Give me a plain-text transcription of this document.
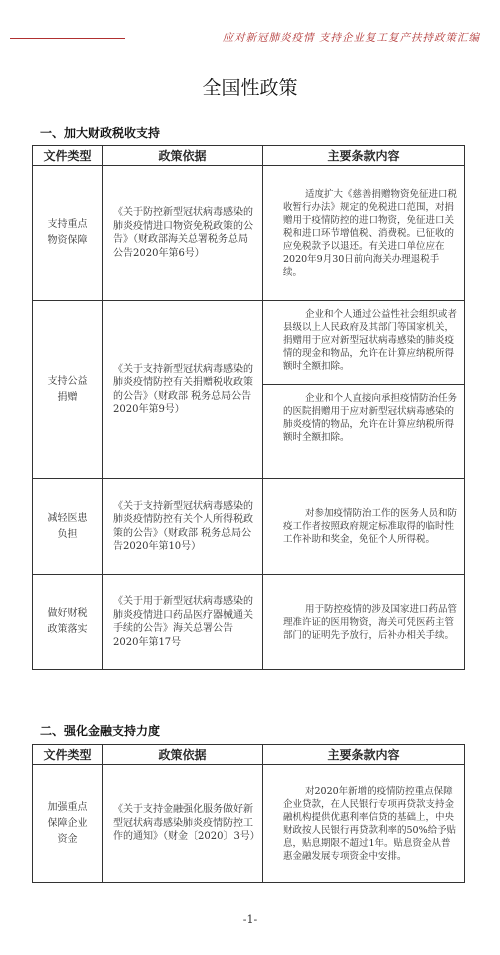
应对新冠肺炎疫情 支持企业复工复产扶持政策汇编
全国性政策
一、加大财政税收支持
文件类型	政策依据	主要条款内容
支持重点物资保障	《关于防控新型冠状病毒感染的肺炎疫情进口物资免税政策的公告》（财政部海关总署税务总局公告2020年第6号）	适度扩大《慈善捐赠物资免征进口税收暂行办法》规定的免税进口范围，对捐赠用于疫情防控的进口物资，免征进口关税和进口环节增值税、消费税。已征收的应免税款予以退还。有关进口单位应在2020年9月30日前向海关办理退税手续。
支持公益捐赠	《关于支持新型冠状病毒感染的肺炎疫情防控有关捐赠税收政策的公告》（财政部 税务总局公告2020年第9号）	企业和个人通过公益性社会组织或者县级以上人民政府及其部门等国家机关，捐赠用于应对新型冠状病毒感染的肺炎疫情的现金和物品，允许在计算应纳税所得额时全额扣除。
企业和个人直接向承担疫情防治任务的医院捐赠用于应对新型冠状病毒感染的肺炎疫情的物品，允许在计算应纳税所得额时全额扣除。

减轻医患负担	《关于支持新型冠状病毒感染的肺炎疫情防控有关个人所得税政策的公告》（财政部 税务总局公告2020年第10号）	对参加疫情防治工作的医务人员和防疫工作者按照政府规定标准取得的临时性工作补助和奖金，免征个人所得税。
做好财税政策落实	《关于用于新型冠状病毒感染的肺炎疫情进口药品医疗器械通关手续的公告》海关总署公告2020年第17号	用于防控疫情的涉及国家进口药品管理准许证的医用物资，海关可凭医药主管部门的证明先予放行，后补办相关手续。
二、强化金融支持力度
文件类型	政策依据	主要条款内容
加强重点保障企业资金	《关于支持金融强化服务做好新型冠状病毒感染肺炎疫情防控工作的通知》（财金〔2020〕3号）	对2020年新增的疫情防控重点保障企业贷款，在人民银行专项再贷款支持金融机构提供优惠利率信贷的基础上，中央财政按人民银行再贷款利率的50%给予贴息，贴息期限不超过1年。贴息资金从普惠金融发展专项资金中安排。
-1-
